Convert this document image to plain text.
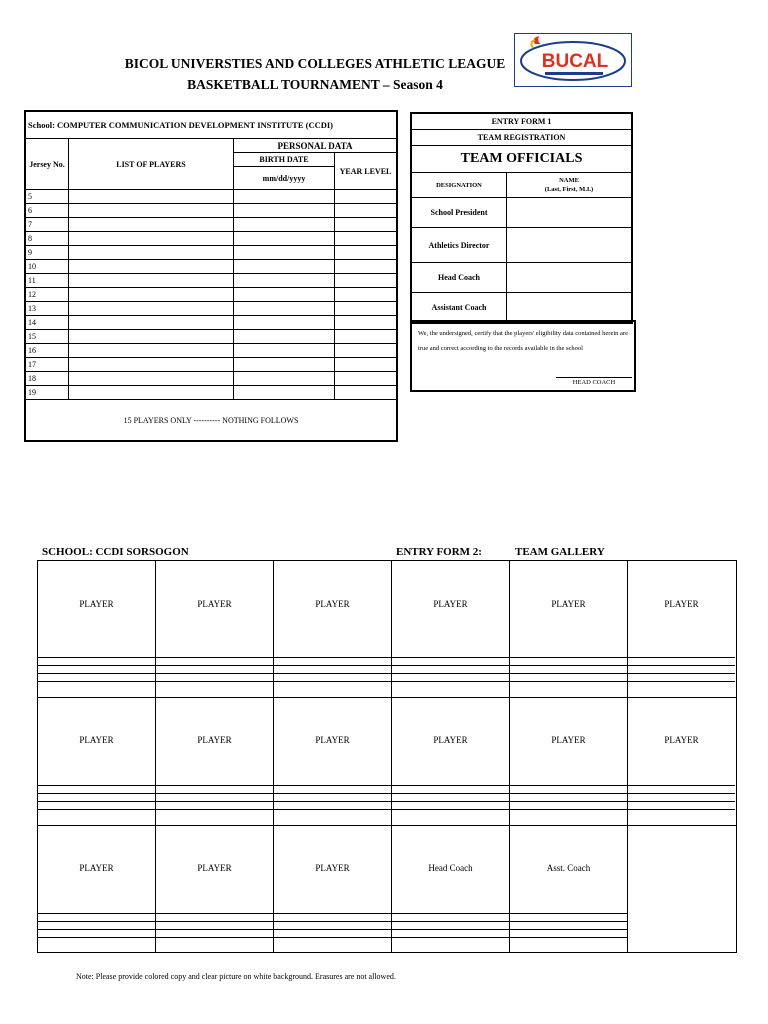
BICOL UNIVERSTIES AND COLLEGES ATHLETIC LEAGUE
BASKETBALL TOURNAMENT – Season 4
BUCAL
School: COMPUTER COMMUNICATION DEVELOPMENT INSTITUTE (CCDI)			
Jersey No.	LIST OF PLAYERS	PERSONAL DATA	
		BIRTH DATE	YEAR LEVEL
		mm/dd/yyyy	
5			
6			
7			
8			
9			
10			
11			
12			
13			
14			
15			
16			
17			
18			
19			
15 PLAYERS ONLY ---------- NOTHING FOLLOWS			
ENTRY FORM 1	
TEAM REGISTRATION	
TEAM OFFICIALS	
DESIGNATION	NAME
(Last, First, M.I.)

School President	
Athletics Director	
Head Coach	
Assistant Coach	
We, the undersigned, certify that the players' eligibility data contained herein are true and correct according to the records available in the school
HEAD COACH
SCHOOL: CCDI SORSOGON	ENTRY FORM 2:	TEAM GALLERY
PLAYER	PLAYER	PLAYER	PLAYER	PLAYER	PLAYER
PLAYER	PLAYER	PLAYER	PLAYER	PLAYER	PLAYER
PLAYER	PLAYER	PLAYER	Head Coach	Asst. Coach
Note: Please provide colored copy and clear picture on white background. Erasures are not allowed.
